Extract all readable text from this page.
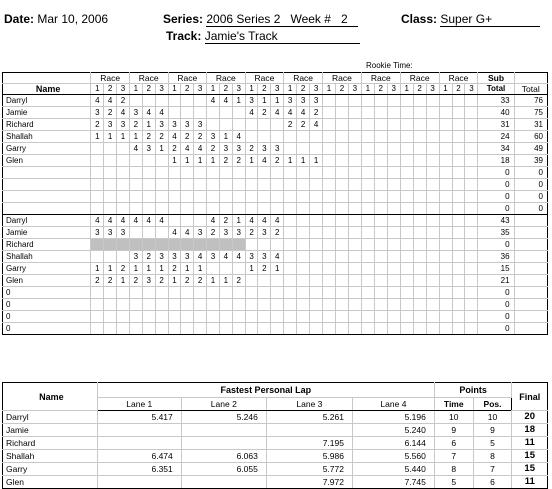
Date: Mar 10, 2006	Series: 2006 Series 2 Week # 2	Class: Super G+
Track: Jamie's Track
Rookie Time:
	Race			Race			Race			Race			Race			Race			Race			Race			Race			Race			Sub	
Name	1	2	3	1	2	3	1	2	3	1	2	3	1	2	3	1	2	3	1	2	3	1	2	3	1	2	3	1	2	3	Total	Total
Darryl	4	4	2							4	4	1	3	1	1	3	3	3													33	76
Jamie	3	2	4	3	4	4							4	2	4	4	4	2													40	75
Richard	2	3	3	2	1	3	3	3	3							2	2	4													31	31
Shallah	1	1	1	1	2	2	4	2	2	3	1	4																			24	60
Garry				4	3	1	2	4	4	2	3	3	2	3	3																34	49
Glen							1	1	1	1	2	2	1	4	2	1	1	1													18	39
																															0	0
																															0	0
																															0	0
																															0	0
Darryl	4	4	4	4	4	4				4	2	1	4	4	4																43	
Jamie	3	3	3				4	4	3	2	3	3	2	3	2																35	
Richard																															0	
Shallah				3	2	3	3	3	4	3	4	4	3	3	4																36	
Garry	1	1	2	1	1	1	2	1	1				1	2	1																15	
Glen	2	2	1	2	3	2	1	2	2	1	1	2																			21	
0																															0	
0																															0	
0																															0	
0																															0	
Name	Fastest Personal Lap				Points		Final
	Lane 1	Lane 2	Lane 3	Lane 4	Time	Pos.	
Darryl	5.417	5.246	5.261	5.196	10	10	20
Jamie				5.240	9	9	18
Richard			7.195	6.144	6	5	11
Shallah	6.474	6.063	5.986	5.560	7	8	15
Garry	6.351	6.055	5.772	5.440	8	7	15
Glen			7.972	7.745	5	6	11
